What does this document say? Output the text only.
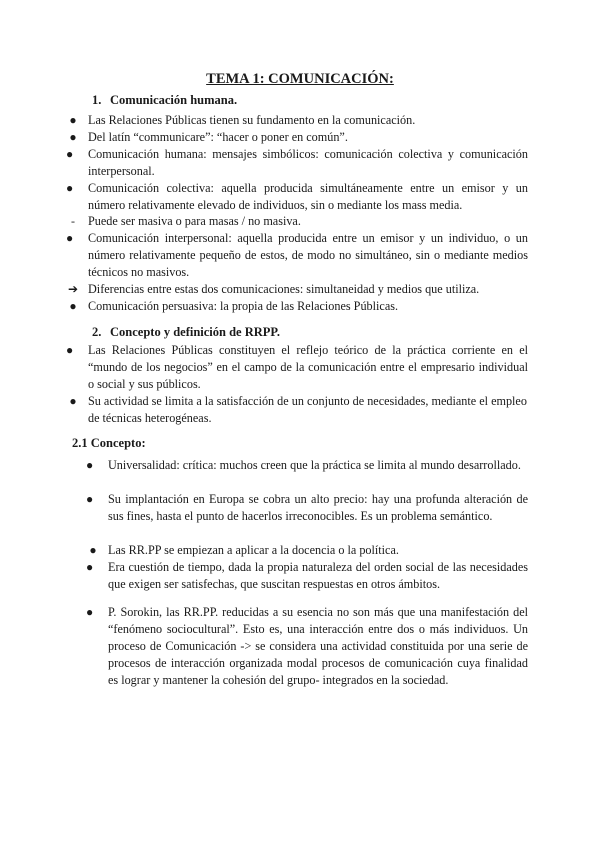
TEMA 1: COMUNICACIÓN:
1. Comunicación humana.
● Las Relaciones Públicas tienen su fundamento en la comunicación.
● Del latín “communicare”: “hacer o poner en común”.
●	Comunicación humana: mensajes simbólicos: comunicación colectiva y comunicación interpersonal.
●	Comunicación colectiva: aquella producida simultáneamente entre un emisor y un número relativamente elevado de individuos, sin o mediante los mass media.
-	Puede ser masiva o para masas / no masiva.
●	Comunicación interpersonal: aquella producida entre un emisor y un individuo, o un número relativamente pequeño de estos, de modo no simultáneo, sin o mediante medios técnicos no masivos.
➔ Diferencias entre estas dos comunicaciones: simultaneidad y medios que utiliza.
● Comunicación persuasiva: la propia de las Relaciones Públicas.
2. Concepto y definición de RRPP.
●	Las Relaciones Públicas constituyen el reflejo teórico de la práctica corriente en el “mundo de los negocios” en el campo de la comunicación entre el empresario individual o social y sus públicos.
● Su actividad se limita a la satisfacción de un conjunto de necesidades, mediante el empleo de técnicas heterogéneas.
2.1 Concepto:
●	Universalidad: crítica: muchos creen que la práctica se limita al mundo desarrollado.
●	Su implantación en Europa se cobra un alto precio: hay una profunda alteración de sus fines, hasta el punto de hacerlos irreconocibles. Es un problema semántico.
● Las RR.PP se empiezan a aplicar a la docencia o la política.
●	Era cuestión de tiempo, dada la propia naturaleza del orden social de las necesidades que exigen ser satisfechas, que suscitan respuestas en otros ámbitos.
●	P. Sorokin, las RR.PP. reducidas a su esencia no son más que una manifestación del “fenómeno sociocultural”. Esto es, una interacción entre dos o más individuos. Un proceso de Comunicación -> se considera una actividad constituida por una serie de procesos de interacción organizada modal procesos de comunicación cuya finalidad es lograr y mantener la cohesión del grupo- integrados en la sociedad.
